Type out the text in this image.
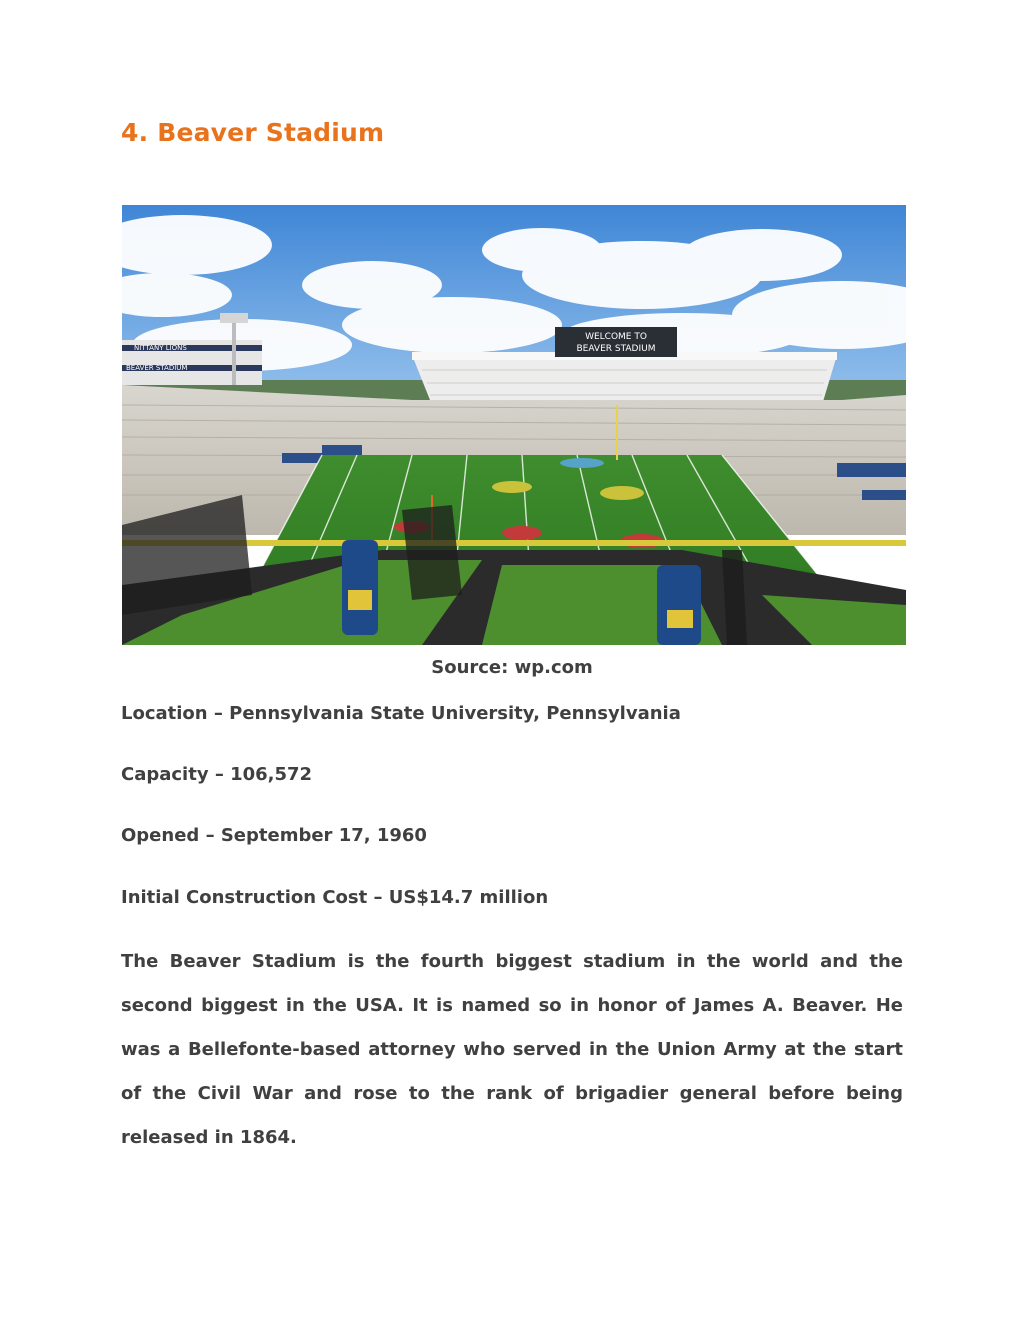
4. Beaver Stadium
NITTANY LIONS
BEAVER STADIUM
WELCOME TO
BEAVER STADIUM
Source: wp.com
Location – Pennsylvania State University, Pennsylvania
Capacity – 106,572
Opened – September 17, 1960
Initial Construction Cost – US$14.7 million

The Beaver Stadium is the fourth biggest stadium in the world and the second biggest in the USA. It is named so in honor of James A. Beaver. He was a Bellefonte-based attorney who served in the Union Army at the start of the Civil War and rose to the rank of brigadier general before being released in 1864.
